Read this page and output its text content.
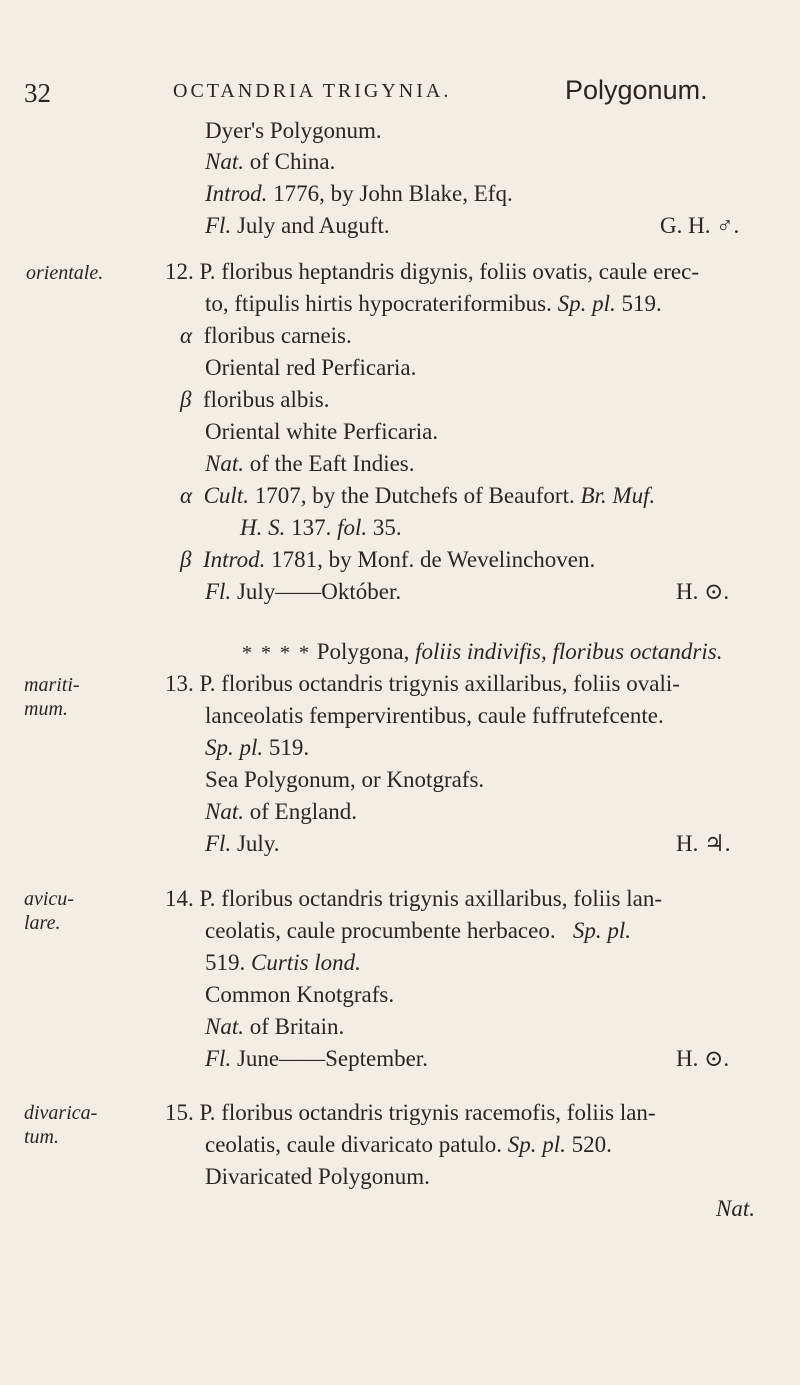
32	OCTANDRIA TRIGYNIA.	Polygonum.
Dyer's Polygonum.
Nat. of China.
Introd. 1776, by John Blake, Efq.
Fl. July and Auguft.	G. H. ♂.
orientale.	12. P. floribus heptandris digynis, foliis ovatis, caule erec-
to, ftipulis hirtis hypocrateriformibus. Sp. pl. 519.
α floribus carneis.
Oriental red Perficaria.
β floribus albis.
Oriental white Perficaria.
Nat. of the Eaft Indies.
α Cult. 1707, by the Dutchefs of Beaufort. Br. Muf.
H. S. 137. fol. 35.
β Introd. 1781, by Monf. de Wevelinchoven.
Fl. July——Október.	H. ⊙.
* * * * Polygona, foliis indivifis, floribus octandris.
mariti-
mum.
13. P. floribus octandris trigynis axillaribus, foliis ovali-
lanceolatis fempervirentibus, caule fuffrutefcente.
Sp. pl. 519.
Sea Polygonum, or Knotgrafs.
Nat. of England.
Fl. July.	H. ♃.
avicu-
lare.
14. P. floribus octandris trigynis axillaribus, foliis lan-
ceolatis, caule procumbente herbaceo. Sp. pl.
519. Curtis lond.
Common Knotgrafs.
Nat. of Britain.
Fl. June——September.	H. ⊙.
divarica-
tum.
15. P. floribus octandris trigynis racemofis, foliis lan-
ceolatis, caule divaricato patulo. Sp. pl. 520.
Divaricated Polygonum.
Nat.
